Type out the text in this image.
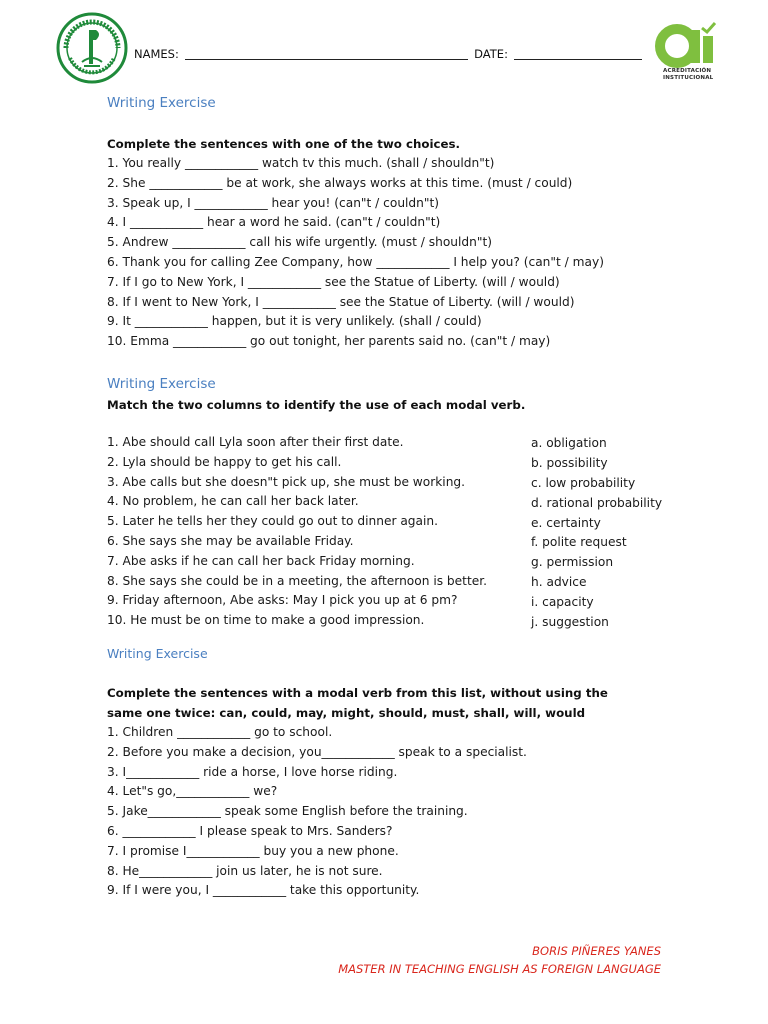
NAMES:	DATE:
ACREDITACIÓN
INSTITUCIONAL
Writing Exercise
Complete the sentences with one of the two choices.
1. You really ____________ watch tv this much. (shall / shouldn"t)
2. She ____________ be at work, she always works at this time. (must / could)
3. Speak up, I ____________ hear you! (can"t / couldn"t)
4. I ____________ hear a word he said. (can"t / couldn"t)
5. Andrew ____________ call his wife urgently. (must / shouldn"t)
6. Thank you for calling Zee Company, how ____________ I help you? (can"t / may)
7. If I go to New York, I ____________ see the Statue of Liberty. (will / would)
8. If I went to New York, I ____________ see the Statue of Liberty. (will / would)
9. It ____________ happen, but it is very unlikely. (shall / could)
10. Emma ____________ go out tonight, her parents said no. (can"t / may)
Writing Exercise
Match the two columns to identify the use of each modal verb.
1. Abe should call Lyla soon after their first date.
2. Lyla should be happy to get his call.
3. Abe calls but she doesn"t pick up, she must be working.
4. No problem, he can call her back later.
5. Later he tells her they could go out to dinner again.
6. She says she may be available Friday.
7. Abe asks if he can call her back Friday morning.
8. She says she could be in a meeting, the afternoon is better.
9. Friday afternoon, Abe asks: May I pick you up at 6 pm?
10. He must be on time to make a good impression.
a. obligation
b. possibility
c. low probability
d. rational probability
e. certainty
f. polite request
g. permission
h. advice
i. capacity
j. suggestion
Writing Exercise
Complete the sentences with a modal verb from this list, without using the
same one twice: can, could, may, might, should, must, shall, will, would
1. Children ____________ go to school.
2. Before you make a decision, you____________ speak to a specialist.
3. I____________ ride a horse, I love horse riding.
4. Let"s go,____________ we?
5. Jake____________ speak some English before the training.
6. ____________ I please speak to Mrs. Sanders?
7. I promise I____________ buy you a new phone.
8. He____________ join us later, he is not sure.
9. If I were you, I ____________ take this opportunity.
BORIS PIÑERES YANES
MASTER IN TEACHING ENGLISH AS FOREIGN LANGUAGE
